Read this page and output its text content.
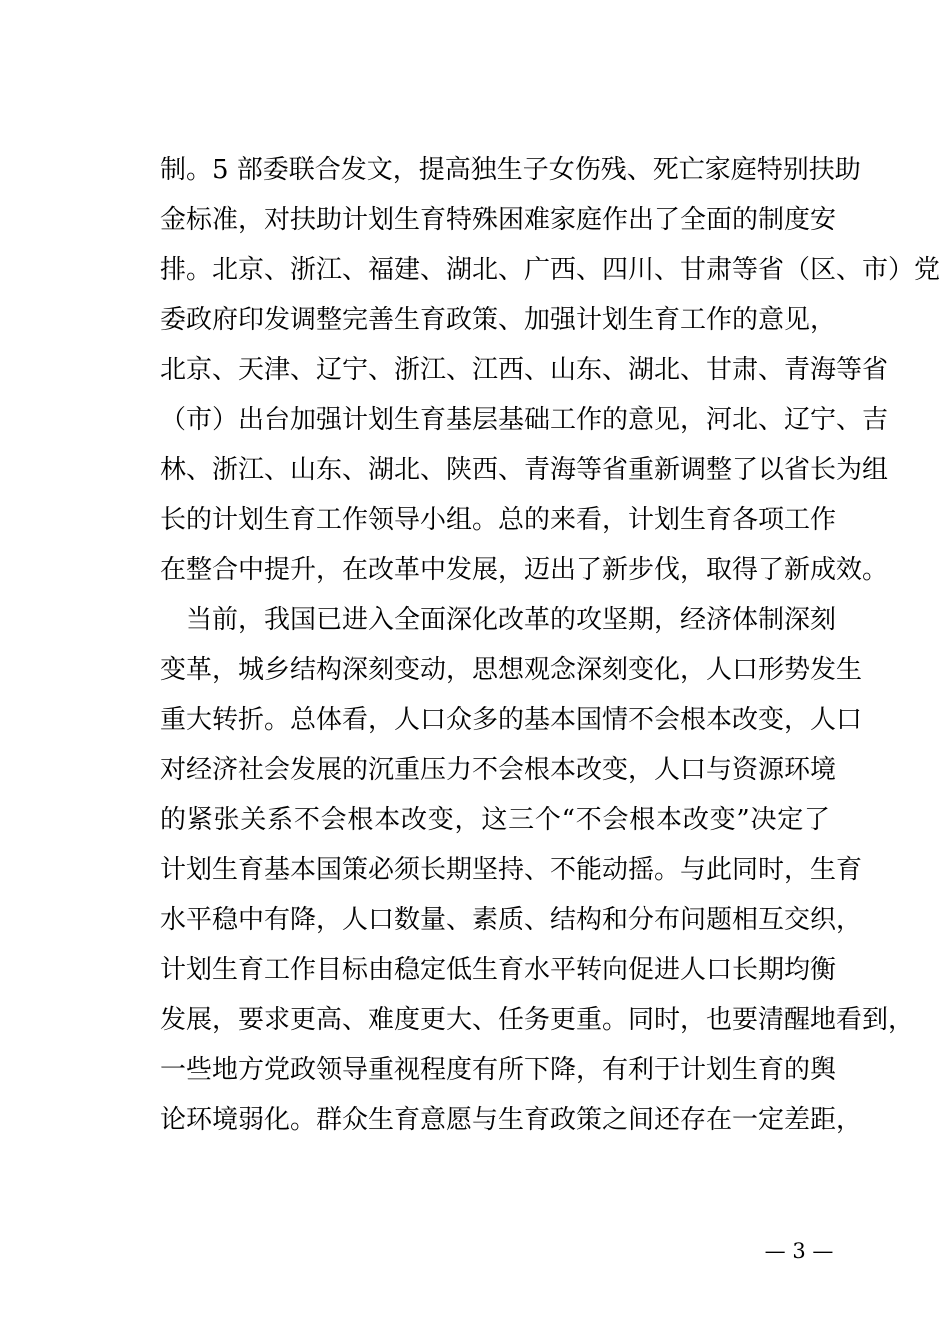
制。5 部委联合发文，提高独生子女伤残、死亡家庭特别扶助
金标准，对扶助计划生育特殊困难家庭作出了全面的制度安
排。北京、浙江、福建、湖北、广西、四川、甘肃等省（区、市）党
委政府印发调整完善生育政策、加强计划生育工作的意见，
北京、天津、辽宁、浙江、江西、山东、湖北、甘肃、青海等省
（市）出台加强计划生育基层基础工作的意见，河北、辽宁、吉
林、浙江、山东、湖北、陕西、青海等省重新调整了以省长为组
长的计划生育工作领导小组。总的来看，计划生育各项工作
在整合中提升，在改革中发展，迈出了新步伐，取得了新成效。
当前，我国已进入全面深化改革的攻坚期，经济体制深刻
变革，城乡结构深刻变动，思想观念深刻变化，人口形势发生
重大转折。总体看，人口众多的基本国情不会根本改变，人口
对经济社会发展的沉重压力不会根本改变，人口与资源环境
的紧张关系不会根本改变，这三个“不会根本改变”决定了
计划生育基本国策必须长期坚持、不能动摇。与此同时，生育
水平稳中有降，人口数量、素质、结构和分布问题相互交织，
计划生育工作目标由稳定低生育水平转向促进人口长期均衡
发展，要求更高、难度更大、任务更重。同时，也要清醒地看到，
一些地方党政领导重视程度有所下降，有利于计划生育的舆
论环境弱化。群众生育意愿与生育政策之间还存在一定差距，
— 3 —
